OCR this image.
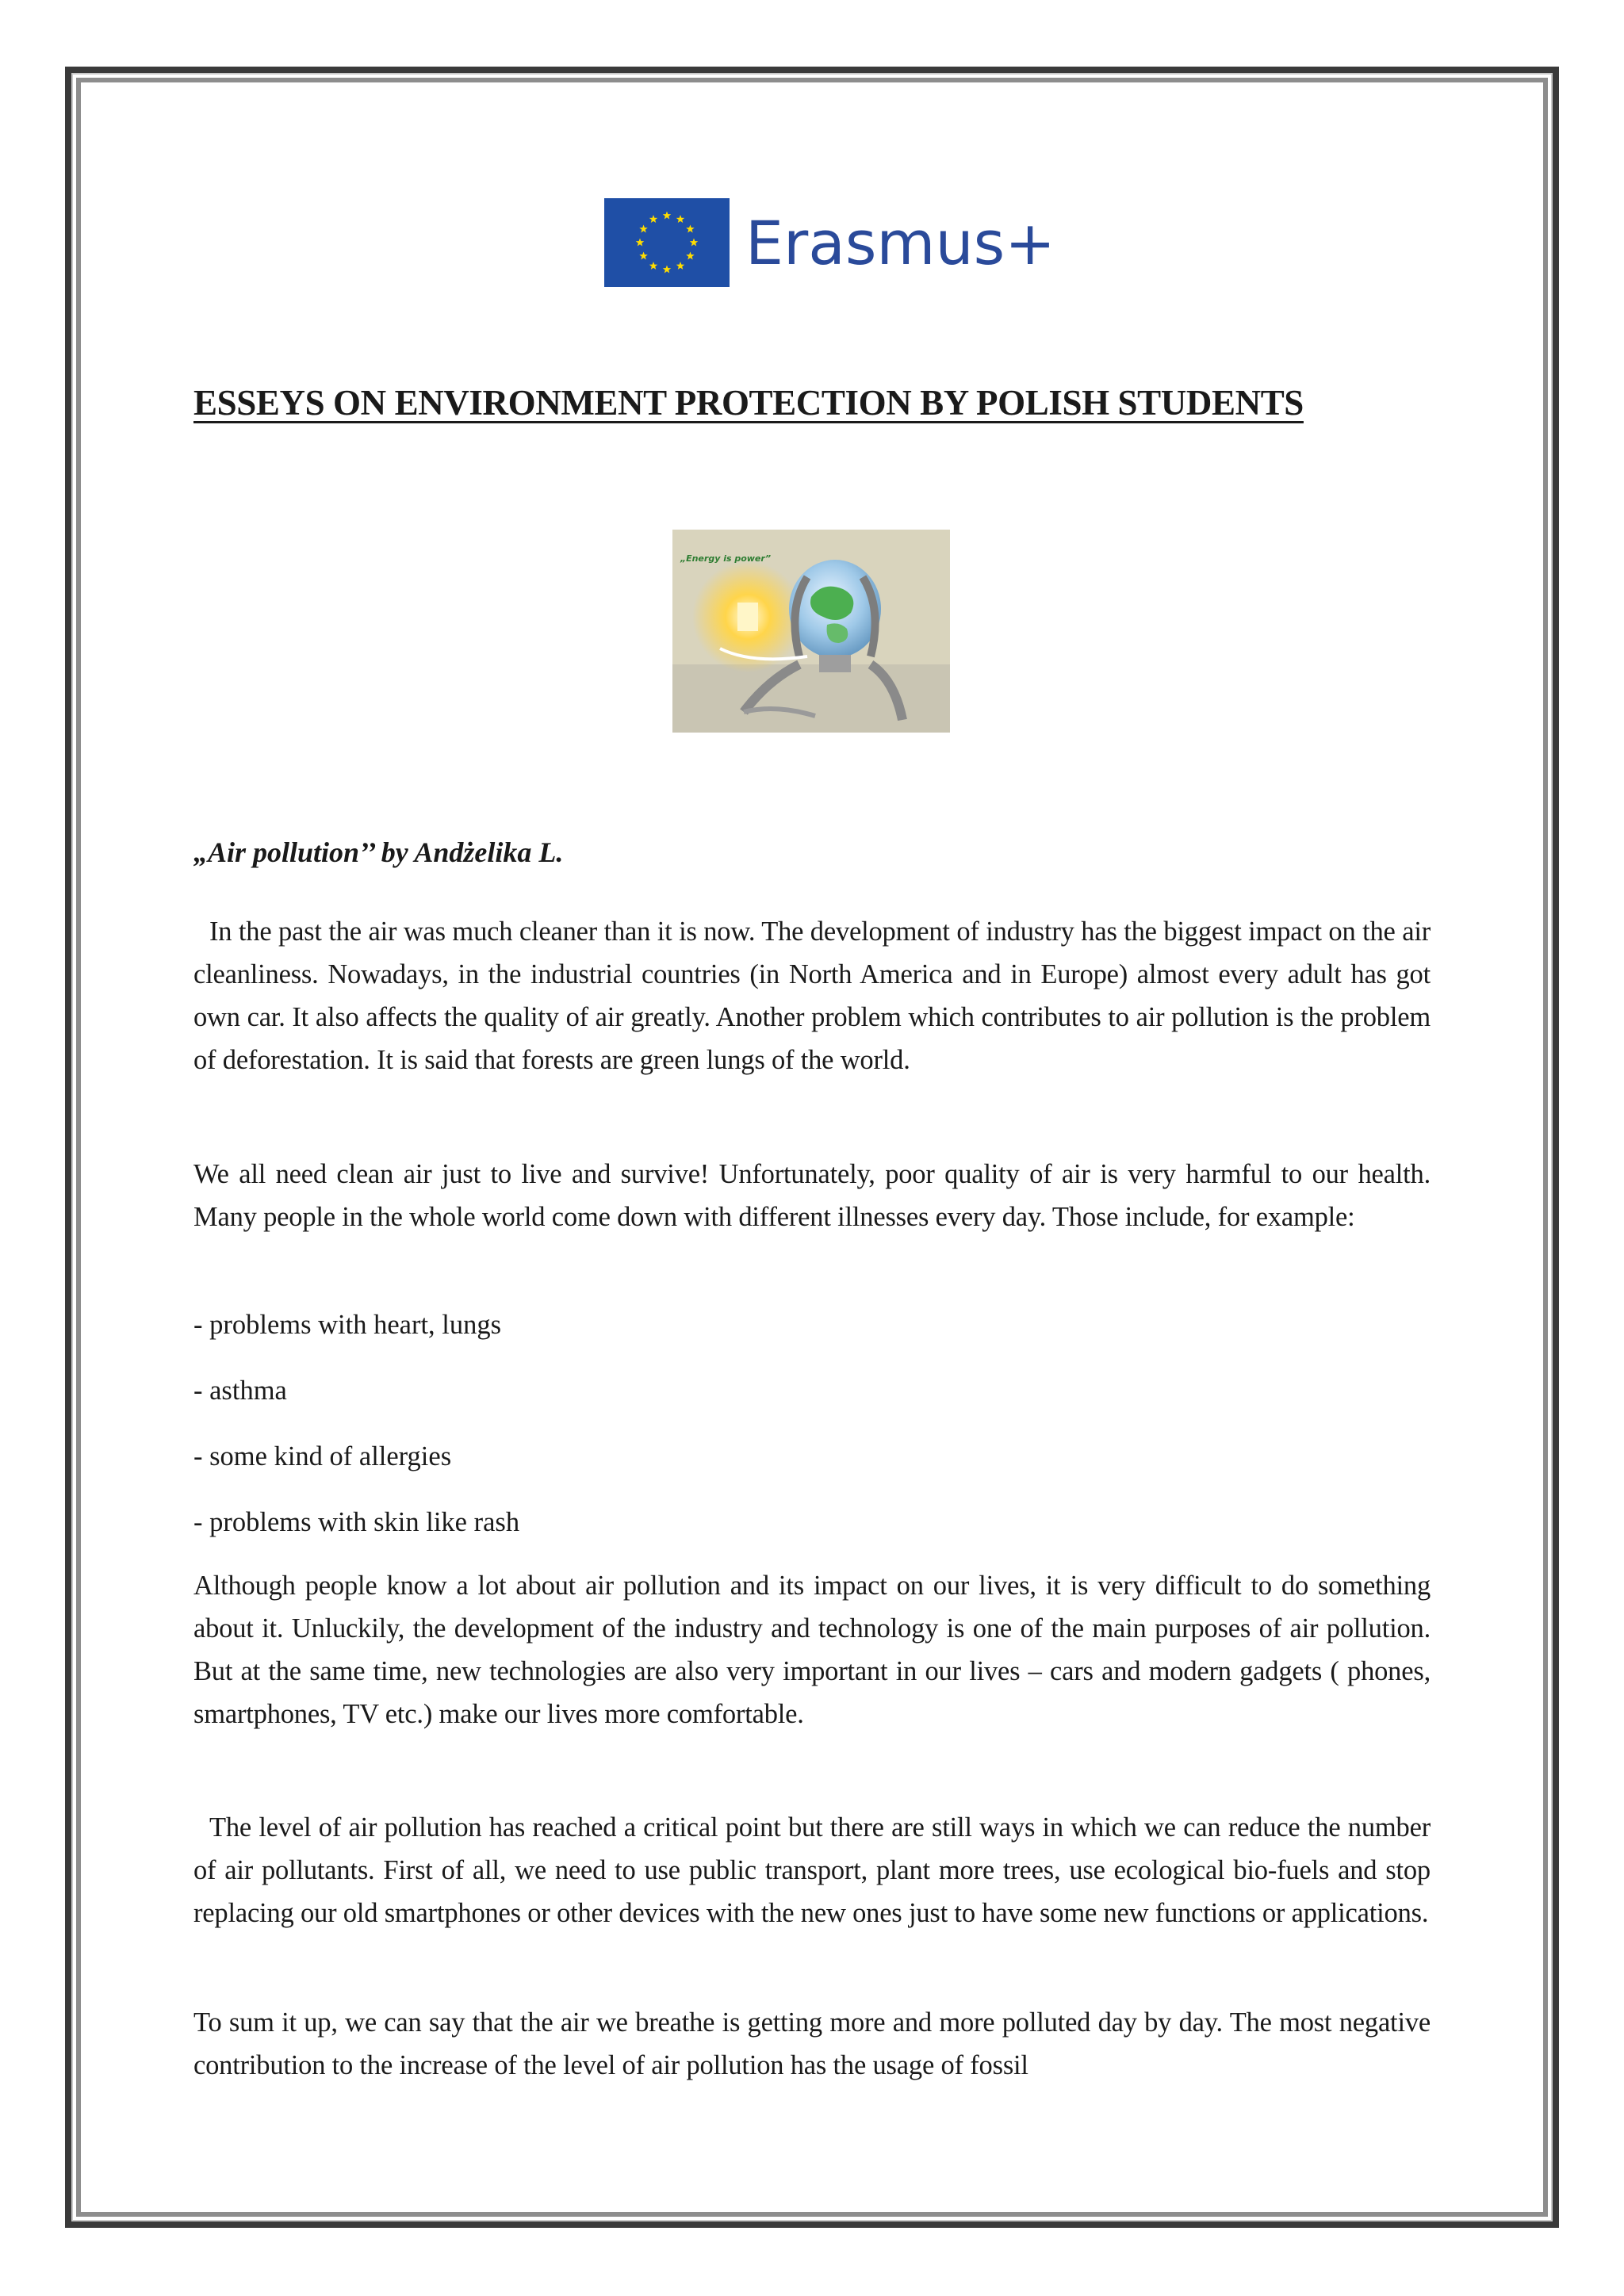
Erasmus+
ESSEYS ON ENVIRONMENT PROTECTION BY POLISH STUDENTS
„Energy is power”
„Air pollution’’ by Andżelika L.
In the past the air was much cleaner than it is now. The development of industry has the biggest impact on the air cleanliness. Nowadays, in the industrial countries (in North America and in Europe) almost every adult has got own car. It also affects the quality of air greatly. Another problem which contributes to air pollution is the problem of deforestation. It is said that forests are green lungs of the world.
We all need clean air just to live and survive! Unfortunately, poor quality of air is very harmful to our health. Many people in the whole world come down with different illnesses every day. Those include, for example:
- problems with heart, lungs
- asthma
- some kind of allergies
- problems with skin like rash
Although people know a lot about air pollution and its impact on our lives, it is very difficult to do something about it. Unluckily, the development of the industry and technology is one of the main purposes of air pollution. But at the same time, new technologies are also very important in our lives – cars and modern gadgets ( phones, smartphones, TV etc.) make our lives more comfortable.
The level of air pollution has reached a critical point but there are still ways in which we can reduce the number of air pollutants. First of all, we need to use public transport, plant more trees, use ecological bio-fuels and stop replacing our old smartphones or other devices with the new ones just to have some new functions or applications.
To sum it up, we can say that the air we breathe is getting more and more polluted day by day. The most negative contribution to the increase of the level of air pollution has the usage of fossil
